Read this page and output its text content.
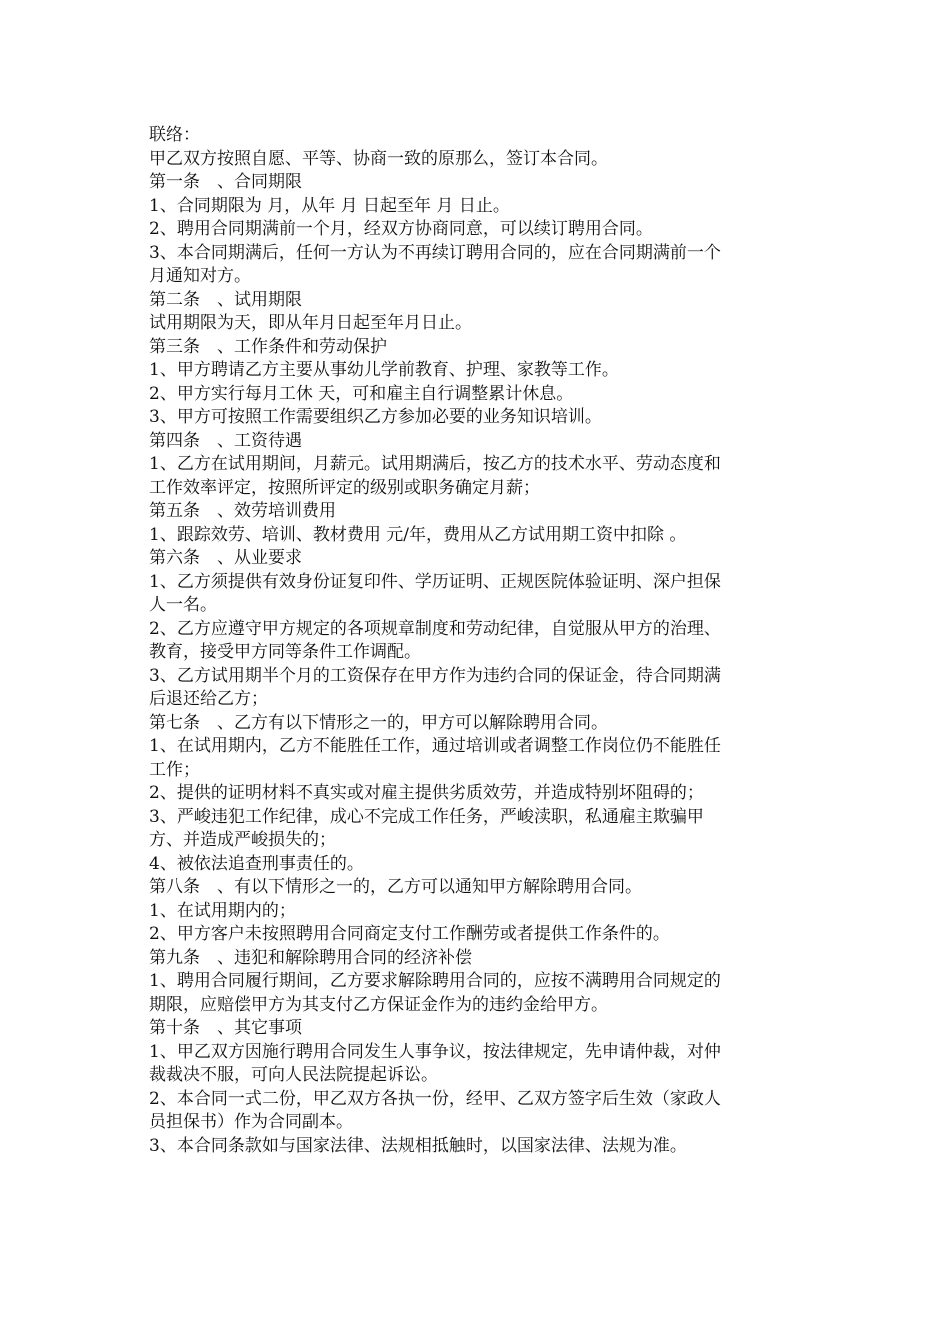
联络：

甲乙双方按照自愿、平等、协商一致的原那么，签订本合同。

第一条　、合同期限

1、合同期限为 月，从年 月 日起至年 月 日止。

2、聘用合同期满前一个月，经双方协商同意，可以续订聘用合同。

3、本合同期满后，任何一方认为不再续订聘用合同的，应在合同期满前一个

月通知对方。

第二条　、试用期限

试用期限为天，即从年月日起至年月日止。

第三条　、工作条件和劳动保护

1、甲方聘请乙方主要从事幼儿学前教育、护理、家教等工作。

2、甲方实行每月工休 天，可和雇主自行调整累计休息。

3、甲方可按照工作需要组织乙方参加必要的业务知识培训。

第四条　、工资待遇

1、乙方在试用期间，月薪元。试用期满后，按乙方的技术水平、劳动态度和

工作效率评定，按照所评定的级别或职务确定月薪；

第五条　、效劳培训费用

1、跟踪效劳、培训、教材费用 元/年，费用从乙方试用期工资中扣除 。

第六条　、从业要求

1、乙方须提供有效身份证复印件、学历证明、正规医院体验证明、深户担保

人一名。

2、乙方应遵守甲方规定的各项规章制度和劳动纪律，自觉服从甲方的治理、

教育，接受甲方同等条件工作调配。

3、乙方试用期半个月的工资保存在甲方作为违约合同的保证金，待合同期满

后退还给乙方；

第七条　、乙方有以下情形之一的，甲方可以解除聘用合同。

1、在试用期内，乙方不能胜任工作，通过培训或者调整工作岗位仍不能胜任

工作；

2、提供的证明材料不真实或对雇主提供劣质效劳，并造成特别坏阻碍的；

3、严峻违犯工作纪律，成心不完成工作任务，严峻渎职，私通雇主欺骗甲

方、并造成严峻损失的；

4、被依法追查刑事责任的。

第八条　、有以下情形之一的，乙方可以通知甲方解除聘用合同。

1、在试用期内的；

2、甲方客户未按照聘用合同商定支付工作酬劳或者提供工作条件的。

第九条　、违犯和解除聘用合同的经济补偿

1、聘用合同履行期间，乙方要求解除聘用合同的，应按不满聘用合同规定的

期限，应赔偿甲方为其支付乙方保证金作为的违约金给甲方。

第十条　、其它事项

1、甲乙双方因施行聘用合同发生人事争议，按法律规定，先申请仲裁，对仲

裁裁决不服，可向人民法院提起诉讼。

2、本合同一式二份，甲乙双方各执一份，经甲、乙双方签字后生效（家政人

员担保书）作为合同副本。

3、本合同条款如与国家法律、法规相抵触时，以国家法律、法规为准。
